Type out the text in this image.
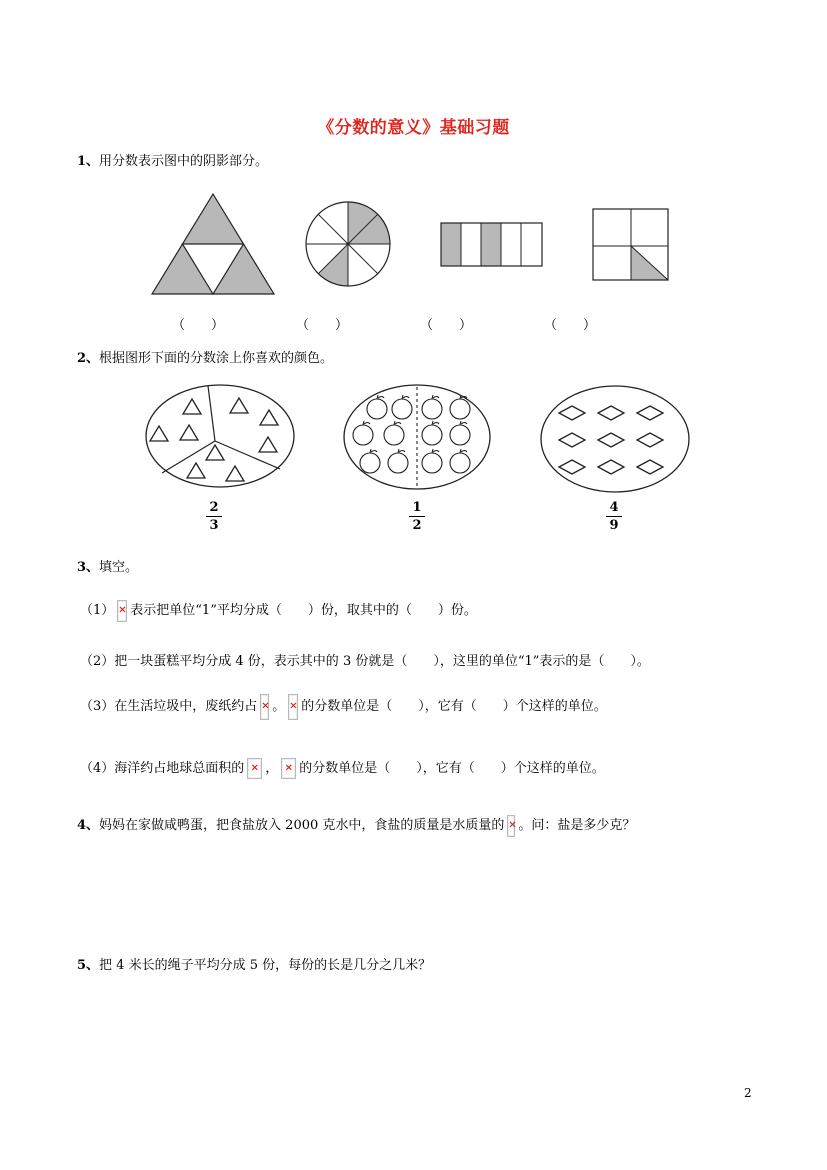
《分数的意义》基础习题
1、用分数表示图中的阴影部分。
（　　）	（　　）	（　　）	（　　）
2、根据图形下面的分数涂上你喜欢的颜色。
2
3
1
2
4
9
3、填空。
（1） × 表示把单位“1”平均分成（　　）份，取其中的（　　）份。
（2）把一块蛋糕平均分成 4 份，表示其中的 3 份就是（　　），这里的单位“1”表示的是（　　）。
（3）在生活垃圾中，废纸约占 × 。 × 的分数单位是（　　），它有（　　）个这样的单位。
（4）海洋约占地球总面积的 × ， × 的分数单位是（　　），它有（　　）个这样的单位。
4、妈妈在家做咸鸭蛋，把食盐放入 2000 克水中，食盐的质量是水质量的 × 。问：盐是多少克？
5、把 4 米长的绳子平均分成 5 份，每份的长是几分之几米？
2
